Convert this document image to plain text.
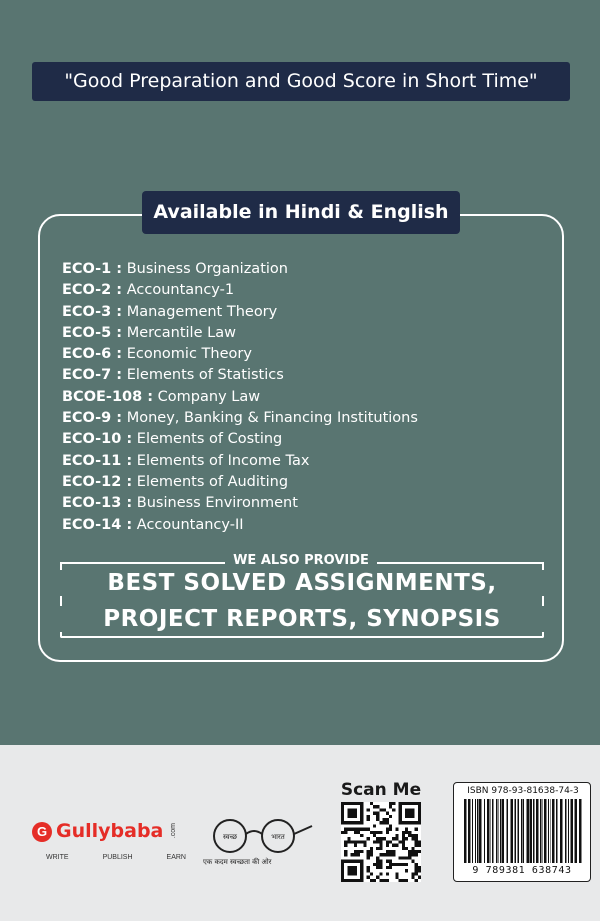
"Good Preparation and Good Score in Short Time"
Available in Hindi & English
ECO-1 : Business Organization
ECO-2 : Accountancy-1
ECO-3 : Management Theory
ECO-5 : Mercantile Law
ECO-6 : Economic Theory
ECO-7 : Elements of Statistics
BCOE-108 : Company Law
ECO-9 : Money, Banking & Financing Institutions
ECO-10 : Elements of Costing
ECO-11 : Elements of Income Tax
ECO-12 : Elements of Auditing
ECO-13 : Business Environment
ECO-14 : Accountancy-II
WE ALSO PROVIDE
BEST SOLVED ASSIGNMENTS,
PROJECT REPORTS, SYNOPSIS
G Gullybaba .com
WRITE	PUBLISH	EARN
स्वच्छ	भारत
एक कदम स्वच्छता की ओर
Scan Me	ISBN 978-93-81638-74-3
9 789381 638743
